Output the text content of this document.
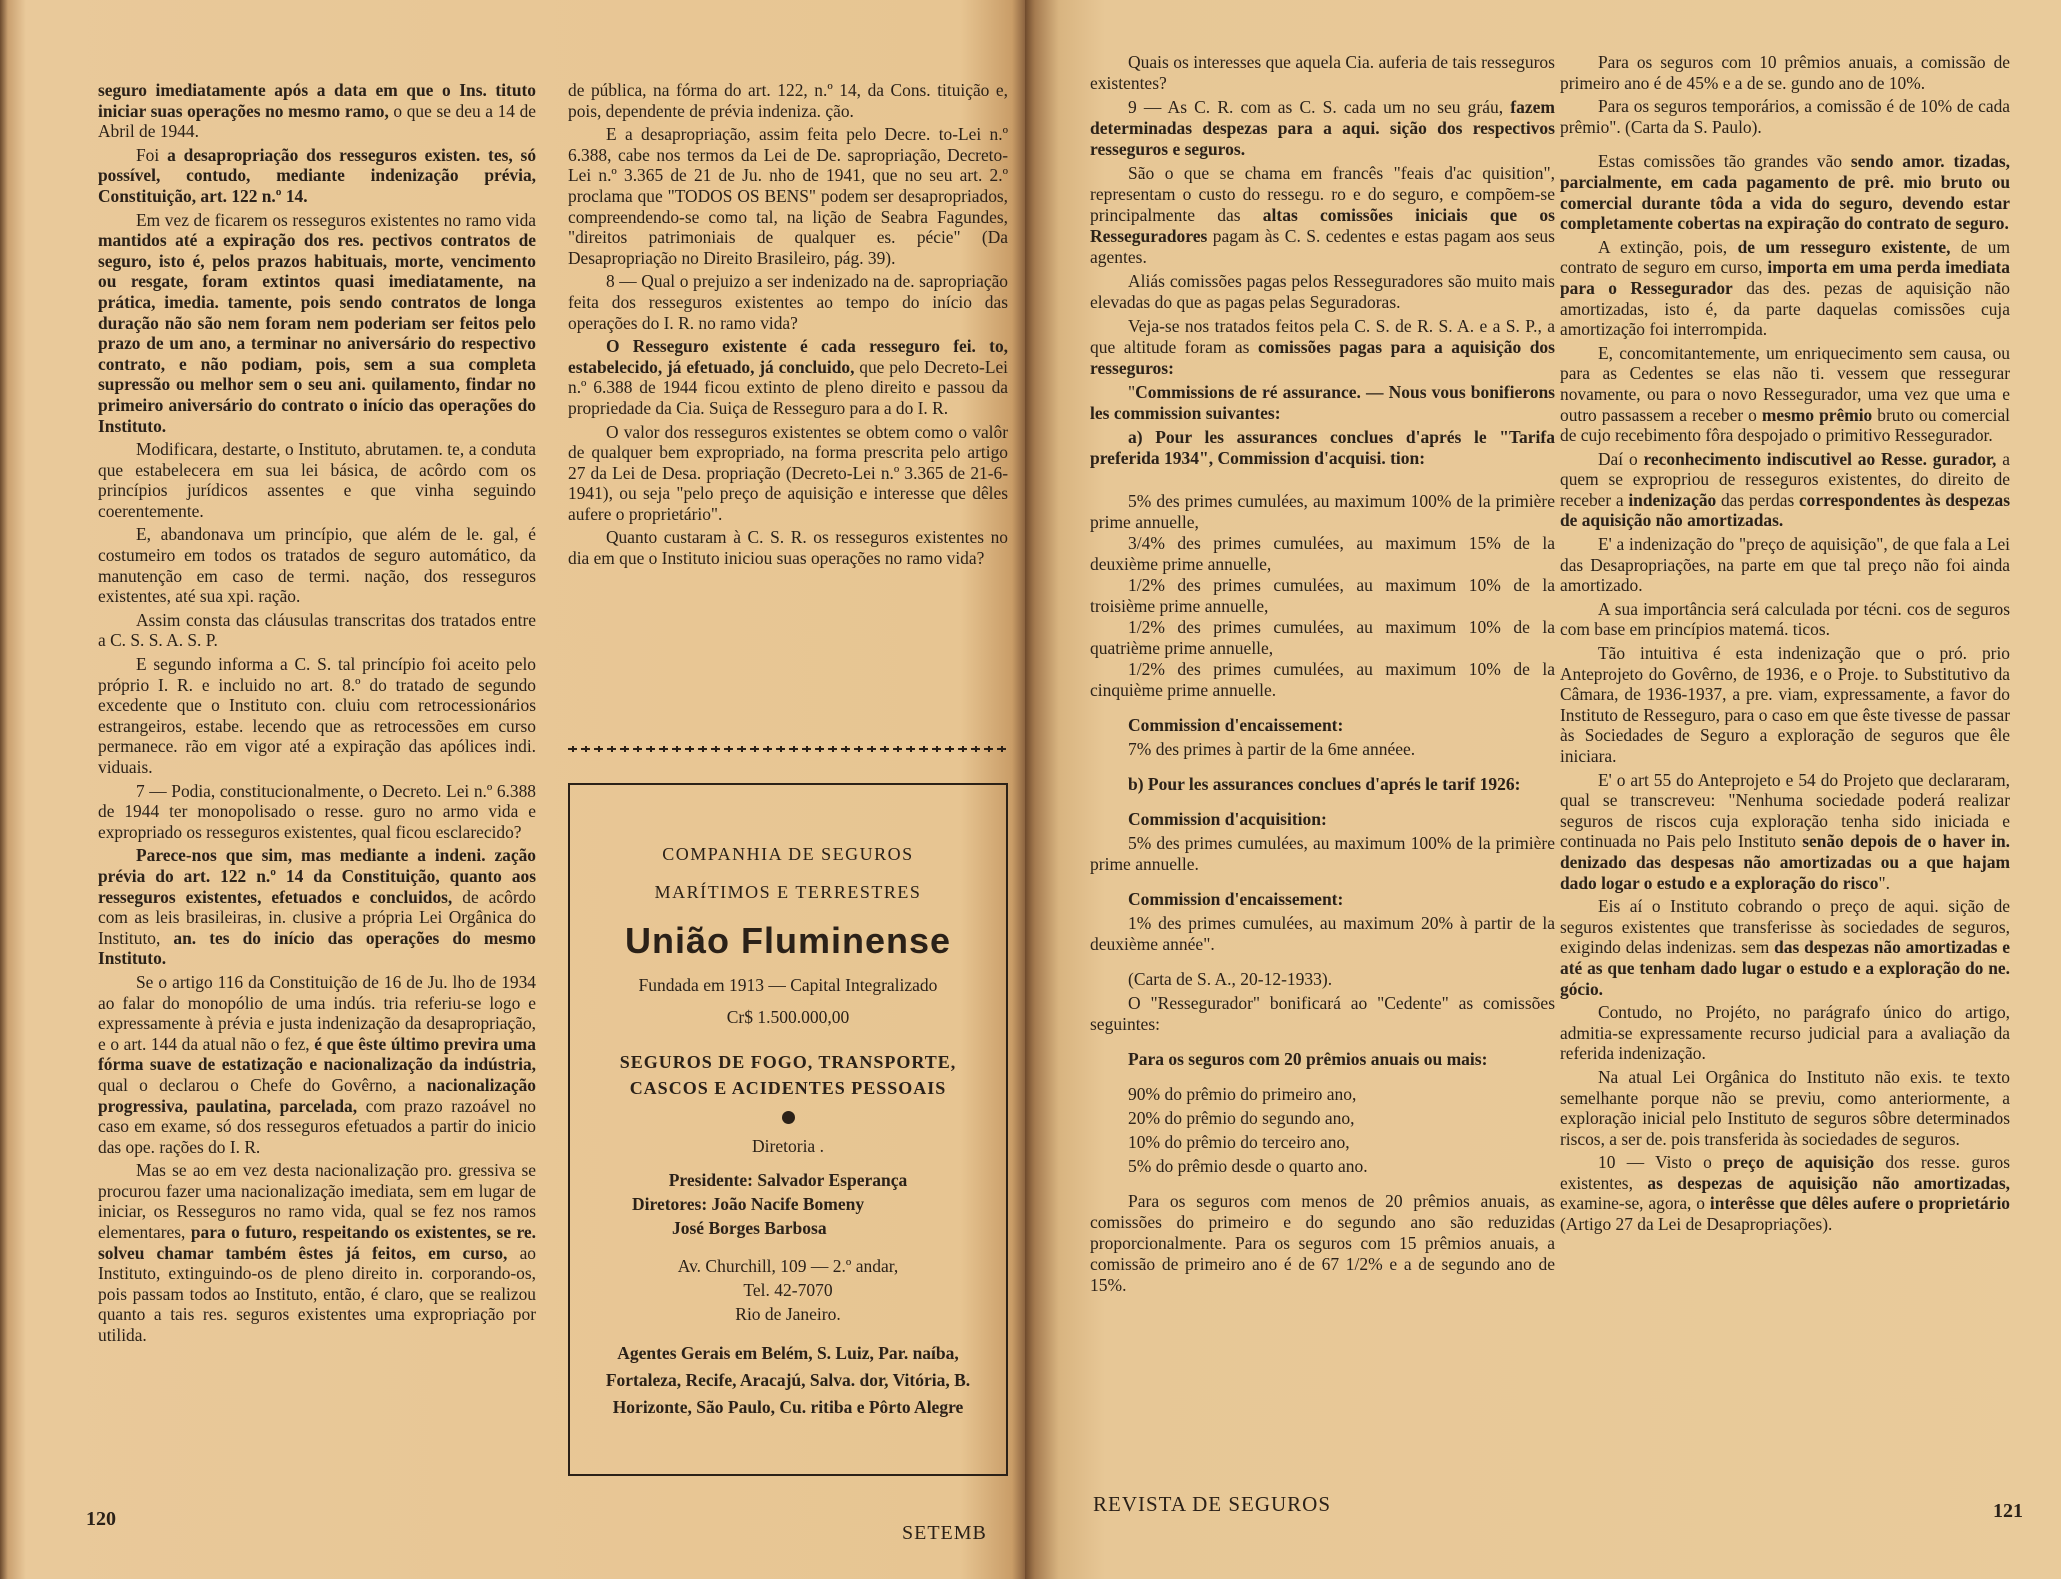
seguro imediatamente após a data em que o Ins. tituto iniciar suas operações no mesmo ramo, o que se deu a 14 de Abril de 1944.

Foi a desapropriação dos resseguros existen. tes, só possível, contudo, mediante indenização prévia, Constituição, art. 122 n.º 14.

Em vez de ficarem os resseguros existentes no ramo vida mantidos até a expiração dos res. pectivos contratos de seguro, isto é, pelos prazos habituais, morte, vencimento ou resgate, foram extintos quasi imediatamente, na prática, imedia. tamente, pois sendo contratos de longa duração não são nem foram nem poderiam ser feitos pelo prazo de um ano, a terminar no aniversário do respectivo contrato, e não podiam, pois, sem a sua completa supressão ou melhor sem o seu ani. quilamento, findar no primeiro aniversário do contrato o início das operações do Instituto.

Modificara, destarte, o Instituto, abrutamen. te, a conduta que estabelecera em sua lei básica, de acôrdo com os princípios jurídicos assentes e que vinha seguindo coerentemente.

E, abandonava um princípio, que além de le. gal, é costumeiro em todos os tratados de seguro automático, da manutenção em caso de termi. nação, dos resseguros existentes, até sua xpi. ração.

Assim consta das cláusulas transcritas dos tratados entre a C. S. S. A. S. P.

E segundo informa a C. S. tal princípio foi aceito pelo próprio I. R. e incluido no art. 8.º do tratado de segundo excedente que o Instituto con. cluiu com retrocessionários estrangeiros, estabe. lecendo que as retrocessões em curso permanece. rão em vigor até a expiração das apólices indi. viduais.

7 — Podia, constitucionalmente, o Decreto. Lei n.º 6.388 de 1944 ter monopolisado o resse. guro no armo vida e expropriado os resseguros existentes, qual ficou esclarecido?

Parece-nos que sim, mas mediante a indeni. zação prévia do art. 122 n.º 14 da Constituição, quanto aos resseguros existentes, efetuados e concluidos, de acôrdo com as leis brasileiras, in. clusive a própria Lei Orgânica do Instituto, an. tes do início das operações do mesmo Instituto.

Se o artigo 116 da Constituição de 16 de Ju. lho de 1934 ao falar do monopólio de uma indús. tria referiu-se logo e expressamente à prévia e justa indenização da desapropriação, e o art. 144 da atual não o fez, é que êste último previra uma fórma suave de estatização e nacionalização da indústria, qual o declarou o Chefe do Govêrno, a nacionalização progressiva, paulatina, parcelada, com prazo razoável no caso em exame, só dos resseguros efetuados a partir do inicio das ope. rações do I. R.

Mas se ao em vez desta nacionalização pro. gressiva se procurou fazer uma nacionalização imediata, sem em lugar de iniciar, os Resseguros no ramo vida, qual se fez nos ramos elementares, para o futuro, respeitando os existentes, se re. solveu chamar também êstes já feitos, em curso, ao Instituto, extinguindo-os de pleno direito in. corporando-os, pois passam todos ao Instituto, então, é claro, que se realizou quanto a tais res. seguros existentes uma expropriação por utilida.

de pública, na fórma do art. 122, n.º 14, da Cons. tituição e, pois, dependente de prévia indeniza. ção.

E a desapropriação, assim feita pelo Decre. to-Lei n.º 6.388, cabe nos termos da Lei de De. sapropriação, Decreto-Lei n.º 3.365 de 21 de Ju. nho de 1941, que no seu art. 2.º proclama que "TODOS OS BENS" podem ser desapropriados, compreendendo-se como tal, na lição de Seabra Fagundes, "direitos patrimoniais de qualquer es. pécie" (Da Desapropriação no Direito Brasileiro, pág. 39).

8 — Qual o prejuizo a ser indenizado na de. sapropriação feita dos resseguros existentes ao tempo do início das operações do I. R. no ramo vida?

O Resseguro existente é cada resseguro fei. to, estabelecido, já efetuado, já concluido, que pelo Decreto-Lei n.º 6.388 de 1944 ficou extinto de pleno direito e passou da propriedade da Cia. Suiça de Resseguro para a do I. R.

O valor dos resseguros existentes se obtem como o valôr de qualquer bem expropriado, na forma prescrita pelo artigo 27 da Lei de Desa. propriação (Decreto-Lei n.º 3.365 de 21-6-1941), ou seja "pelo preço de aquisição e interesse que dêles aufere o proprietário".

Quanto custaram à C. S. R. os resseguros existentes no dia em que o Instituto iniciou suas operações no ramo vida?

COMPANHIA DE SEGUROS
MARÍTIMOS E TERRESTRES
União Fluminense
Fundada em 1913 — Capital Integralizado
Cr$ 1.500.000,00
SEGUROS DE FOGO, TRANSPORTE,
CASCOS E ACIDENTES PESSOAIS
Diretoria .
Presidente: Salvador Esperança
Diretores: João Nacife Bomeny
José Borges Barbosa
Av. Churchill, 109 — 2.º andar,
Tel. 42-7070
Rio de Janeiro.
Agentes Gerais em Belém, S. Luiz, Par. naíba, Fortaleza, Recife, Aracajú, Salva. dor, Vitória, B. Horizonte, São Paulo, Cu. ritiba e Pôrto Alegre
120
SETEMB

Quais os interesses que aquela Cia. auferia de tais resseguros existentes?

9 — As C. R. com as C. S. cada um no seu gráu, fazem determinadas despezas para a aqui. sição dos respectivos resseguros e seguros.

São o que se chama em francês "feais d'ac quisition", representam o custo do ressegu. ro e do seguro, e compõem-se principalmente das altas comissões iniciais que os Resseguradores pagam às C. S. cedentes e estas pagam aos seus agentes.

Aliás comissões pagas pelos Resseguradores são muito mais elevadas do que as pagas pelas Seguradoras.

Veja-se nos tratados feitos pela C. S. de R. S. A. e a S. P., a que altitude foram as comissões pagas para a aquisição dos resseguros:

"Commissions de ré assurance. — Nous vous bonifierons les commission suivantes:

a) Pour les assurances conclues d'aprés le "Tarifa preferida 1934", Commission d'acquisi. tion:

5% des primes cumulées, au maximum 100% de la primière prime annuelle,

3/4% des primes cumulées, au maximum 15% de la deuxième prime annuelle,

1/2% des primes cumulées, au maximum 10% de la troisième prime annuelle,

1/2% des primes cumulées, au maximum 10% de la quatrième prime annuelle,

1/2% des primes cumulées, au maximum 10% de la cinquième prime annuelle.

Commission d'encaissement:

7% des primes à partir de la 6me annéee.

b) Pour les assurances conclues d'aprés le tarif 1926:

Commission d'acquisition:

5% des primes cumulées, au maximum 100% de la primière prime annuelle.

Commission d'encaissement:

1% des primes cumulées, au maximum 20% à partir de la deuxième année".

(Carta de S. A., 20-12-1933).

O "Ressegurador" bonificará ao "Cedente" as comissões seguintes:

Para os seguros com 20 prêmios anuais ou mais:

90% do prêmio do primeiro ano,

20% do prêmio do segundo ano,

10% do prêmio do terceiro ano,

5% do prêmio desde o quarto ano.

Para os seguros com menos de 20 prêmios anuais, as comissões do primeiro e do segundo ano são reduzidas proporcionalmente. Para os seguros com 15 prêmios anuais, a comissão de primeiro ano é de 67 1/2% e a de segundo ano de 15%.

Para os seguros com 10 prêmios anuais, a comissão de primeiro ano é de 45% e a de se. gundo ano de 10%.

Para os seguros temporários, a comissão é de 10% de cada prêmio". (Carta da S. Paulo).

Estas comissões tão grandes vão sendo amor. tizadas, parcialmente, em cada pagamento de prê. mio bruto ou comercial durante tôda a vida do seguro, devendo estar completamente cobertas na expiração do contrato de seguro.

A extinção, pois, de um resseguro existente, de um contrato de seguro em curso, importa em uma perda imediata para o Ressegurador das des. pezas de aquisição não amortizadas, isto é, da parte daquelas comissões cuja amortização foi interrompida.

E, concomitantemente, um enriquecimento sem causa, ou para as Cedentes se elas não ti. vessem que ressegurar novamente, ou para o novo Ressegurador, uma vez que uma e outro passassem a receber o mesmo prêmio bruto ou comercial de cujo recebimento fôra despojado o primitivo Ressegurador.

Daí o reconhecimento indiscutivel ao Resse. gurador, a quem se expropriou de resseguros existentes, do direito de receber a indenização das perdas correspondentes às despezas de aquisição não amortizadas.

E' a indenização do "preço de aquisição", de que fala a Lei das Desapropriações, na parte em que tal preço não foi ainda amortizado.

A sua importância será calculada por técni. cos de seguros com base em princípios matemá. ticos.

Tão intuitiva é esta indenização que o pró. prio Anteprojeto do Govêrno, de 1936, e o Proje. to Substitutivo da Câmara, de 1936-1937, a pre. viam, expressamente, a favor do Instituto de Resseguro, para o caso em que êste tivesse de passar às Sociedades de Seguro a exploração de seguros que êle iniciara.

E' o art 55 do Anteprojeto e 54 do Projeto que declararam, qual se transcreveu: "Nenhuma sociedade poderá realizar seguros de riscos cuja exploração tenha sido iniciada e continuada no Pais pelo Instituto senão depois de o haver in. denizado das despesas não amortizadas ou a que hajam dado logar o estudo e a exploração do risco".

Eis aí o Instituto cobrando o preço de aqui. sição de seguros existentes que transferisse às sociedades de seguros, exigindo delas indenizas. sem das despezas não amortizadas e até as que tenham dado lugar o estudo e a exploração do ne. gócio.

Contudo, no Projéto, no parágrafo único do artigo, admitia-se expressamente recurso judicial para a avaliação da referida indenização.

Na atual Lei Orgânica do Instituto não exis. te texto semelhante porque não se previu, como anteriormente, a exploração inicial pelo Instituto de seguros sôbre determinados riscos, a ser de. pois transferida às sociedades de seguros.

10 — Visto o preço de aquisição dos resse. guros existentes, as despezas de aquisição não amortizadas, examine-se, agora, o interêsse que dêles aufere o proprietário (Artigo 27 da Lei de Desapropriações).

REVISTA DE SEGUROS	121
